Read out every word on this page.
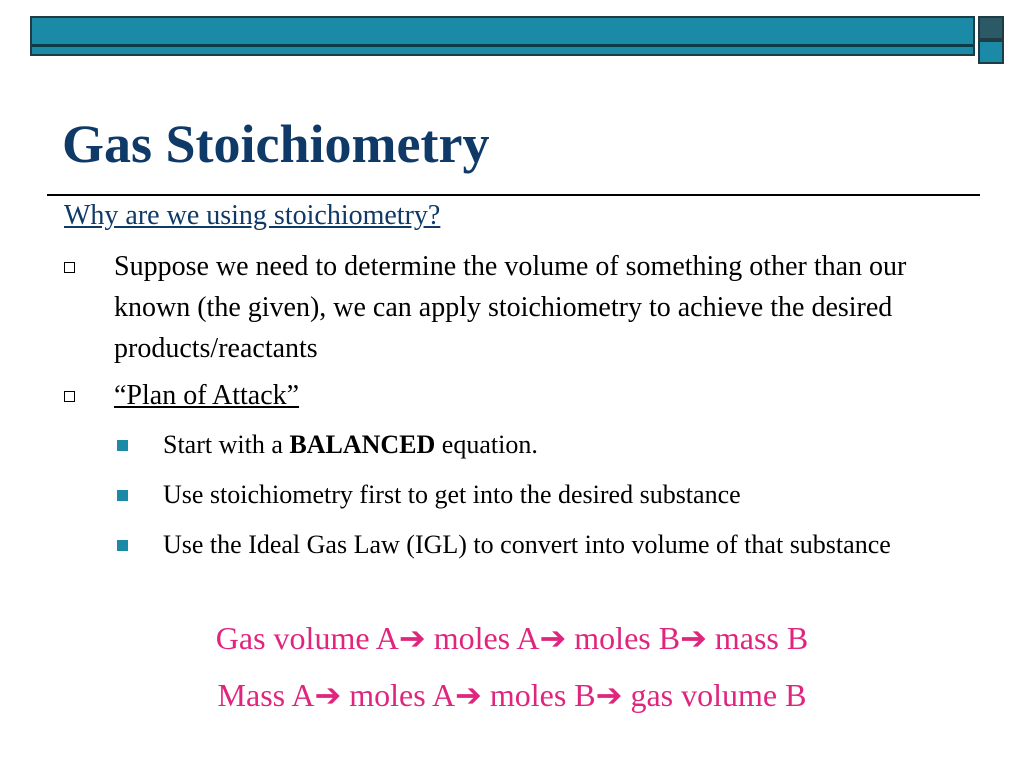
Gas Stoichiometry
Why are we using stoichiometry?
Suppose we need to determine the volume of something other than our known (the given), we can apply stoichiometry to achieve the desired products/reactants
“Plan of Attack”
Start with a BALANCED equation.
Use stoichiometry first to get into the desired substance
Use the Ideal Gas Law (IGL) to convert into volume of that substance
Gas volume A➔ moles A➔ moles B➔ mass B
Mass A➔ moles A➔ moles B➔ gas volume B
